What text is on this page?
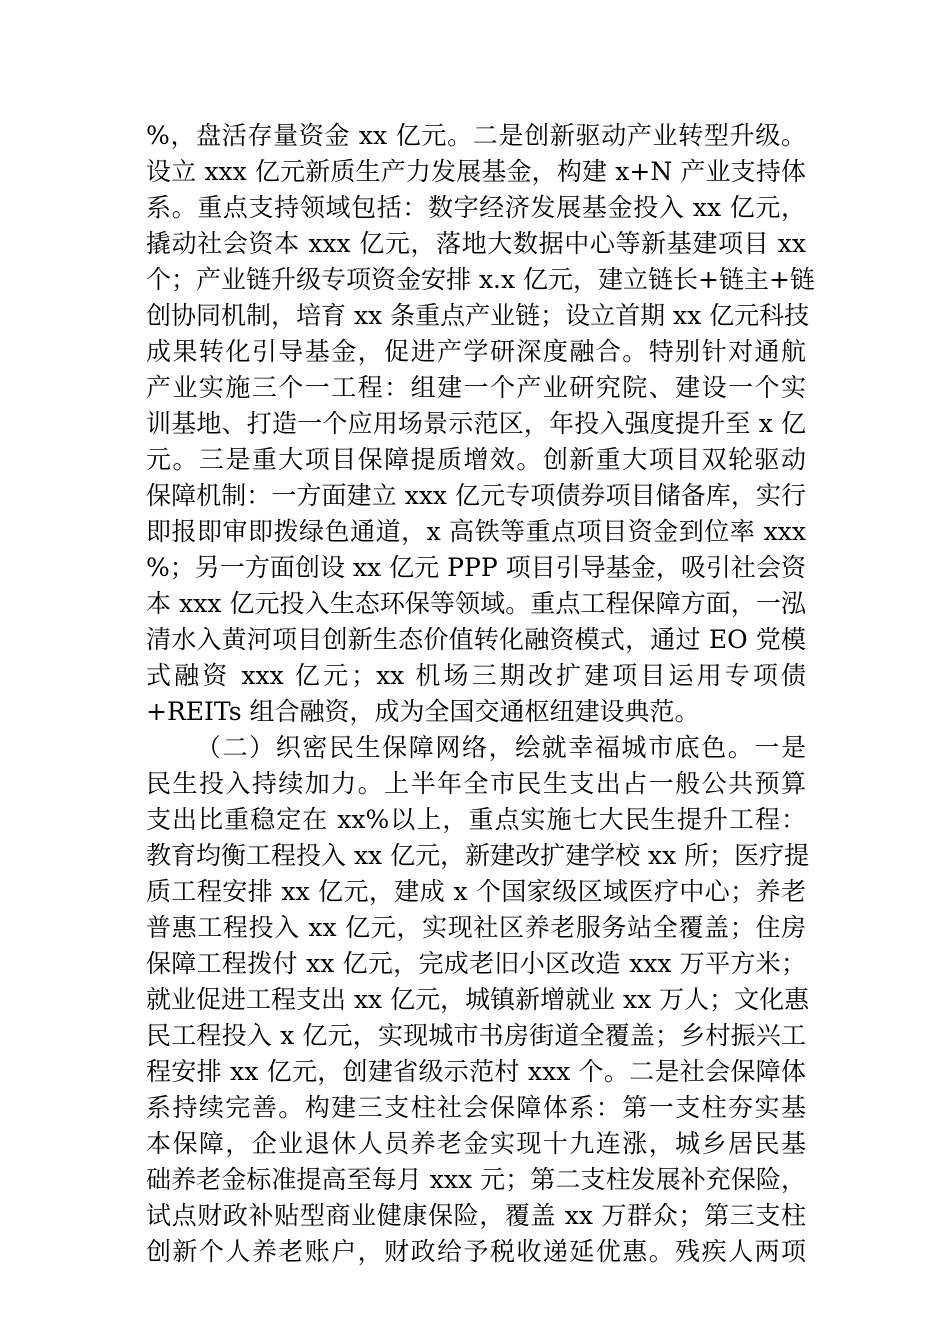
%，盘活存量资金 xx 亿元。二是创新驱动产业转型升级。
设立 xxx 亿元新质生产力发展基金，构建 x+N 产业支持体
系。重点支持领域包括：数字经济发展基金投入 xx 亿元，
撬动社会资本 xxx 亿元，落地大数据中心等新基建项目 xx
个；产业链升级专项资金安排 x.x 亿元，建立链长+链主+链
创协同机制，培育 xx 条重点产业链；设立首期 xx 亿元科技
成果转化引导基金，促进产学研深度融合。特别针对通航
产业实施三个一工程：组建一个产业研究院、建设一个实
训基地、打造一个应用场景示范区，年投入强度提升至 x 亿
元。三是重大项目保障提质增效。创新重大项目双轮驱动
保障机制：一方面建立 xxx 亿元专项债券项目储备库，实行
即报即审即拨绿色通道，x 高铁等重点项目资金到位率 xxx
%；另一方面创设 xx 亿元 PPP 项目引导基金，吸引社会资
本 xxx 亿元投入生态环保等领域。重点工程保障方面，一泓
清水入黄河项目创新生态价值转化融资模式，通过 EO 党模
式融资 xxx 亿元；xx 机场三期改扩建项目运用专项债
+REITs 组合融资，成为全国交通枢纽建设典范。
（二）织密民生保障网络，绘就幸福城市底色。一是
民生投入持续加力。上半年全市民生支出占一般公共预算
支出比重稳定在 xx%以上，重点实施七大民生提升工程：
教育均衡工程投入 xx 亿元，新建改扩建学校 xx 所；医疗提
质工程安排 xx 亿元，建成 x 个国家级区域医疗中心；养老
普惠工程投入 xx 亿元，实现社区养老服务站全覆盖；住房
保障工程拨付 xx 亿元，完成老旧小区改造 xxx 万平方米；
就业促进工程支出 xx 亿元，城镇新增就业 xx 万人；文化惠
民工程投入 x 亿元，实现城市书房街道全覆盖；乡村振兴工
程安排 xx 亿元，创建省级示范村 xxx 个。二是社会保障体
系持续完善。构建三支柱社会保障体系：第一支柱夯实基
本保障，企业退休人员养老金实现十九连涨，城乡居民基
础养老金标准提高至每月 xxx 元；第二支柱发展补充保险，
试点财政补贴型商业健康保险，覆盖 xx 万群众；第三支柱
创新个人养老账户，财政给予税收递延优惠。残疾人两项
